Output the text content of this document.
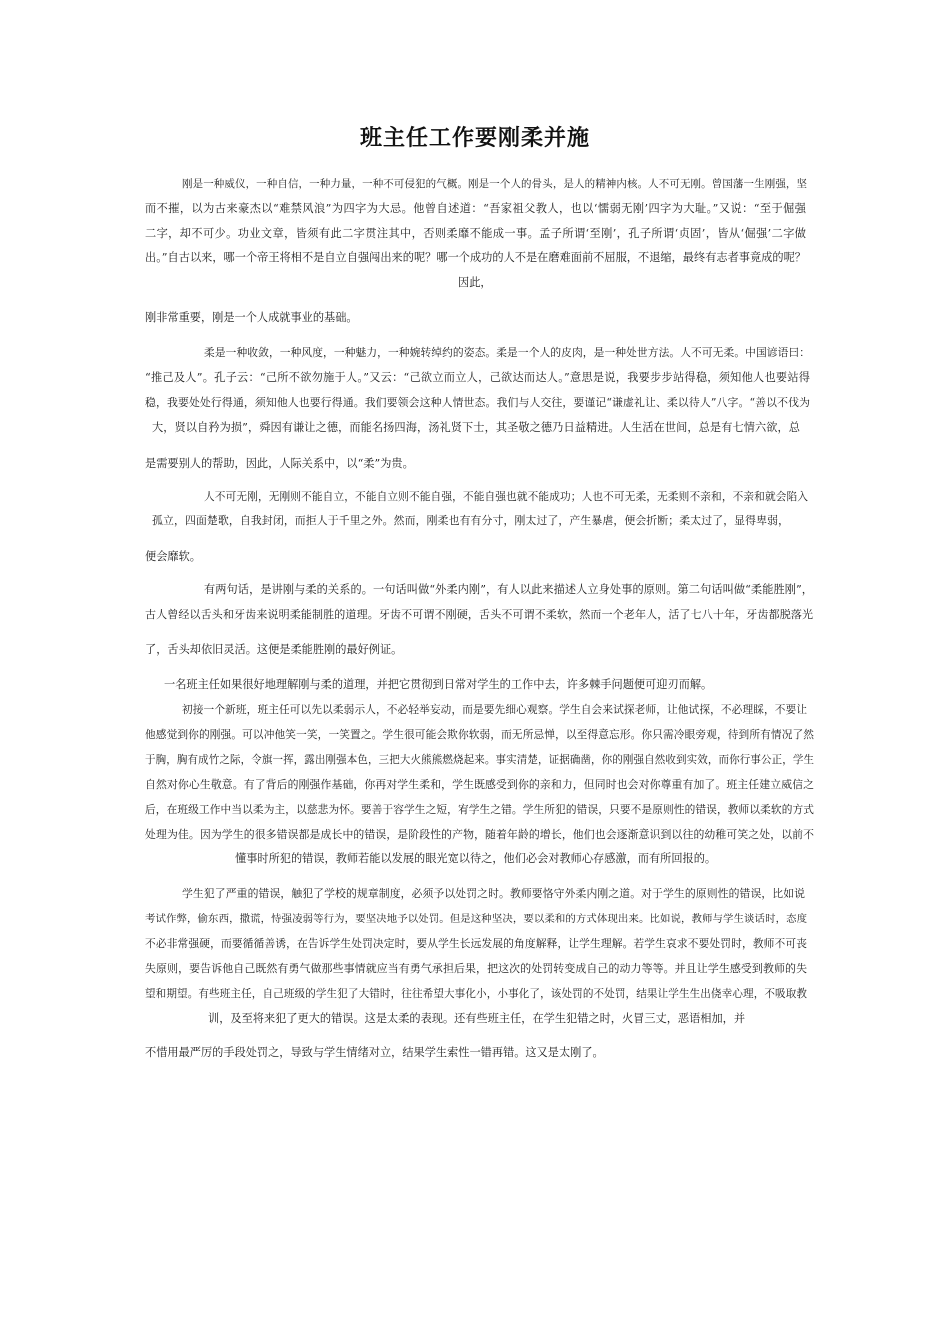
班主任工作要刚柔并施
刚是一种威仪，一种自信，一种力量，一种不可侵犯的气概。刚是一个人的骨头，是人的精神内核。人不可无刚。曾国藩一生刚强，坚
而不摧，以为古来豪杰以“难禁风浪”为四字为大忌。他曾自述道：“吾家祖父教人，也以‘懦弱无刚’四字为大耻。”又说：“至于倔强
二字，却不可少。功业文章，皆须有此二字贯注其中，否则柔靡不能成一事。孟子所谓‘至刚’，孔子所谓‘贞固’，皆从‘倔强’二字做
出。”自古以来，哪一个帝王将相不是自立自强闯出来的呢？哪一个成功的人不是在磨难面前不屈服，不退缩，最终有志者事竟成的呢？
因此，
刚非常重要，刚是一个人成就事业的基础。
柔是一种收敛，一种风度，一种魅力，一种婉转绰约的姿态。柔是一个人的皮肉，是一种处世方法。人不可无柔。中国谚语曰：
“推己及人”。孔子云：“己所不欲勿施于人。”又云：“己欲立而立人，己欲达而达人。”意思是说，我要步步站得稳，须知他人也要站得
稳，我要处处行得通，须知他人也要行得通。我们要领会这种人情世态。我们与人交往，要谨记“谦虚礼让、柔以待人”八字。“善以不伐为
大，贤以自矜为损”，舜因有谦让之德，而能名扬四海，汤礼贤下士，其圣敬之德乃日益精进。人生活在世间，总是有七情六欲，总
是需要别人的帮助，因此，人际关系中，以“柔”为贵。
人不可无刚，无刚则不能自立，不能自立则不能自强，不能自强也就不能成功；人也不可无柔，无柔则不亲和，不亲和就会陷入
孤立，四面楚歌，自我封闭，而拒人于千里之外。然而，刚柔也有有分寸，刚太过了，产生暴虐，便会折断；柔太过了，显得卑弱，
便会靡软。
有两句话，是讲刚与柔的关系的。一句话叫做“外柔内刚”，有人以此来描述人立身处事的原则。第二句话叫做“柔能胜刚”，
古人曾经以舌头和牙齿来说明柔能制胜的道理。牙齿不可谓不刚硬，舌头不可谓不柔软，然而一个老年人，活了七八十年，牙齿都脱落光
了，舌头却依旧灵活。这便是柔能胜刚的最好例证。
一名班主任如果很好地理解刚与柔的道理，并把它贯彻到日常对学生的工作中去，许多棘手问题便可迎刃而解。
初接一个新班，班主任可以先以柔弱示人，不必轻举妄动，而是要先细心观察。学生自会来试探老师，让他试探，不必理睬，不要让
他感觉到你的刚强。可以冲他笑一笑，一笑置之。学生很可能会欺你软弱，而无所忌惮，以至得意忘形。你只需冷眼旁观，待到所有情况了然
于胸，胸有成竹之际，令旗一挥，露出刚强本色，三把大火熊熊燃烧起来。事实清楚，证据确凿，你的刚强自然收到实效，而你行事公正，学生
自然对你心生敬意。有了背后的刚强作基础，你再对学生柔和，学生既感受到你的亲和力，但同时也会对你尊重有加了。班主任建立威信之
后，在班级工作中当以柔为主，以慈悲为怀。要善于容学生之短，宥学生之错。学生所犯的错误，只要不是原则性的错误，教师以柔软的方式
处理为佳。因为学生的很多错误都是成长中的错误，是阶段性的产物，随着年龄的增长，他们也会逐渐意识到以往的幼稚可笑之处，以前不
懂事时所犯的错误，教师若能以发展的眼光宽以待之，他们必会对教师心存感激，而有所回报的。
学生犯了严重的错误，触犯了学校的规章制度，必须予以处罚之时。教师要恪守外柔内刚之道。对于学生的原则性的错误，比如说
考试作弊，偷东西，撒谎，恃强凌弱等行为，要坚决地予以处罚。但是这种坚决，要以柔和的方式体现出来。比如说，教师与学生谈话时，态度
不必非常强硬，而要循循善诱，在告诉学生处罚决定时，要从学生长远发展的角度解释，让学生理解。若学生哀求不要处罚时，教师不可丧
失原则，要告诉他自己既然有勇气做那些事情就应当有勇气承担后果，把这次的处罚转变成自己的动力等等。并且让学生感受到教师的失
望和期望。有些班主任，自己班级的学生犯了大错时，往往希望大事化小，小事化了，该处罚的不处罚，结果让学生生出侥幸心理，不吸取教
训，及至将来犯了更大的错误。这是太柔的表现。还有些班主任，在学生犯错之时，火冒三丈，恶语相加，并
不惜用最严厉的手段处罚之，导致与学生情绪对立，结果学生索性一错再错。这又是太刚了。
